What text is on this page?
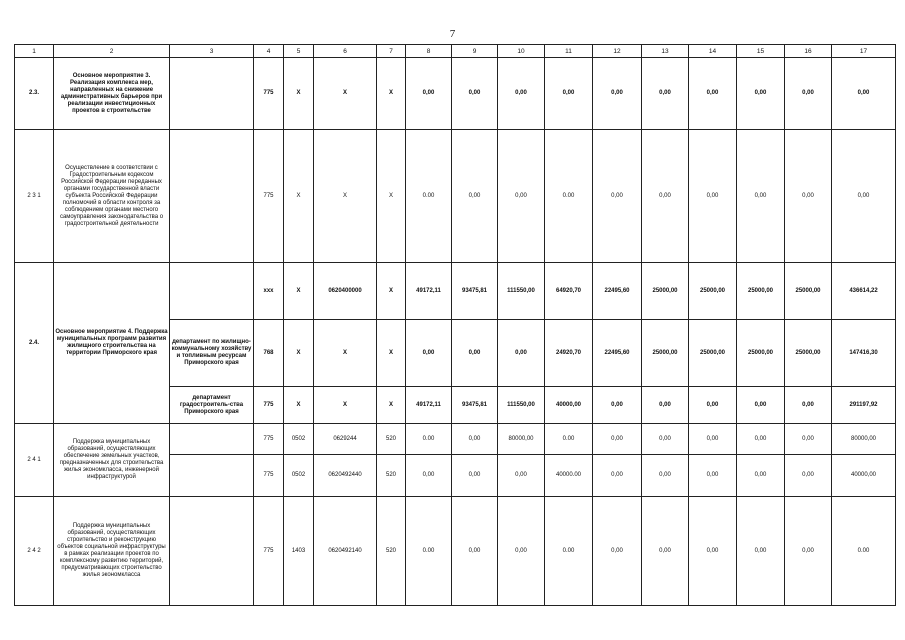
7
1	2	3	4	5	6	7	8	9	10	11	12	13	14	15	16	17
2.3.	Основное мероприятие 3. Реализация комплекса мер, направленных на снижение административных барьеров при реализации инвестиционных проектов в строительстве		775	X	X	X	0,00	0,00	0,00	0,00	0,00	0,00	0,00	0,00	0,00	0,00
2 3 1	Осуществление в соответствии с Градостроительным кодексом Российской Федерации переданных органами государственной власти субъекта Российской Федерации полномочий в области контроля за соблюдением органами местного самоуправления законодательства о градостроительной деятельности		775	X	X	X	0.00	0,00	0,00	0.00	0,00	0,00	0,00	0,00	0,00	0,00
2.4.	Основное мероприятие 4. Поддержка муниципальных программ развития жилищного строительства на территории Приморского края		ххх	X	0620400000	X	49172,11	93475,81	111550,00	64920,70	22495,60	25000,00	25000,00	25000,00	25000,00	436614,22
		департамент по жилищно-коммунальному хозяйству и топливным ресурсам Приморского края	768	X	X	X	0,00	0,00	0,00	24920,70	22495,60	25000,00	25000,00	25000,00	25000,00	147416,30
		департамент градостроитель-ства Приморского края	775	X	X	X	49172,11	93475,81	111550,00	40000,00	0,00	0,00	0,00	0,00	0,00	291197,92
2 4 1	Поддержка муниципальных образований, осуществляющих обеспечение земельных участков, предназначенных для строительства жилья экономкласса, инженерной инфраструктурой		775	0502	0629244	520	0.00	0,00	80000,00	0.00	0,00	0,00	0,00	0,00	0,00	80000,00
			775	0502	0620492440	520	0,00	0,00	0,00	40000.00	0,00	0,00	0,00	0,00	0,00	40000,00
2 4 2	Поддержка муниципальных образований, осуществляющих строительство и реконструкцию объектов социальной инфраструктуры в рамках реализации проектов по комплексному развитию территорий, предусматривающих строительство жилья экономкласса		775	1403	0620492140	520	0.00	0,00	0,00	0.00	0,00	0,00	0,00	0,00	0,00	0.00
